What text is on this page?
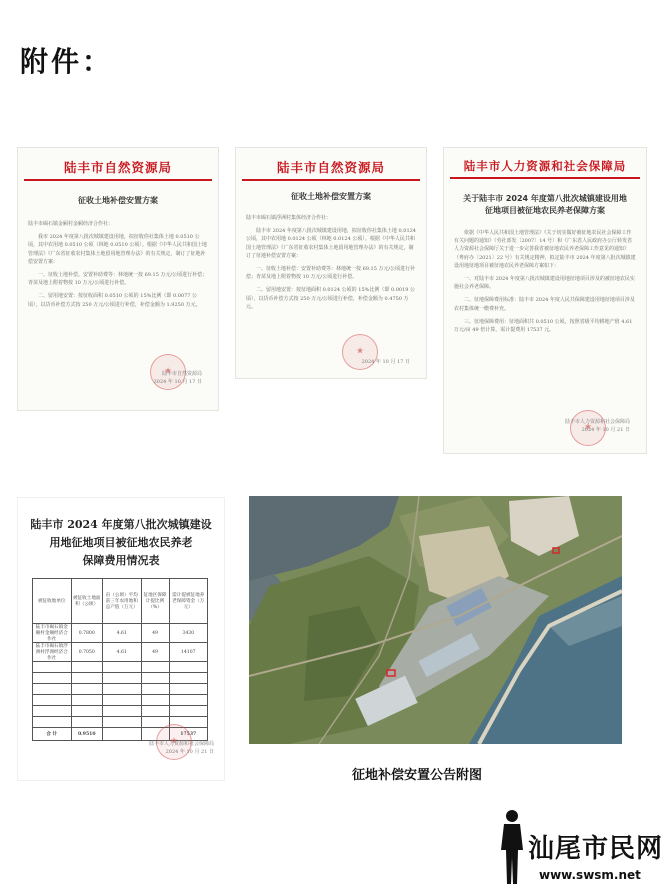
附件：
陆丰市自然资源局
征收土地补偿安置方案
陆丰市碣石镇金厢村金厢经济合作社：
我市 2024 年度第八批次城镇建设用地，拟征收你社集体土地 0.0510 公顷，其中农用地 0.0510 公顷（林地 0.0510 公顷）。根据《中华人民共和国土地管理法》《广东省征收农村集体土地留用地管理办法》的有关规定，制订了征地补偿安置方案：
一、征收土地补偿。安置补助费等：林地统一按 69.15 万元/公顷进行补偿；青苗及地上附着物按 10 万元/公顷进行补偿。
二、留用地安置：按征收面积 0.0510 公顷的 15%比例（即 0.0077 公顷），以货币补偿方式按 250 万元/公顷进行补偿，补偿金额为 1.9250 万元。
★
陆丰市自然资源局
2024 年 10 月 17 日
陆丰市自然资源局
征收土地补偿安置方案
陆丰市碣石镇浮洲村集体经济合作社：
陆丰市 2024 年度第八批次城镇建设用地，拟征收你社集体土地 0.0124 公顷，其中农用地 0.0124 公顷（林地 0.0124 公顷）。根据《中华人民共和国土地管理法》《广东省征收农村集体土地留用地管理办法》的有关规定，制订了征地补偿安置方案：
一、征收土地补偿：安置补助费等：林地统一按 69.15 万元/公顷进行补偿；青苗及地上附着物按 10 万元/公顷进行补偿。
二、留用地安置：按征地面积 0.0124 公顷的 15%比例（即 0.0019 公顷），以货币补偿方式按 250 万元/公顷进行补偿，补偿金额为 0.4750 万元。
★
2024 年 10 月 17 日
陆丰市人力资源和社会保障局
关于陆丰市 2024 年度第八批次城镇建设用地
征地项目被征地农民养老保障方案
依据《中华人民共和国土地管理法》《关于切实做好被征地农民社会保障工作有关问题的通知》（劳社部发〔2007〕14 号）和《广东省人民政府办公厅转发省人力资源社会保障厅关于进一步完善我省被征地农民养老保障工作意见的通知》（粤府办〔2021〕22 号）有关规定精神，拟定陆丰市 2024 年度第八批次城镇建设用地征地项目被征地农民养老保障方案如下：
一、对陆丰市 2024 年度第八批次城镇建设用地征地项目涉及的被征地农民实施社会养老保障。
二、征地保障费用标准：陆丰市 2024 年度人民共保障建设用地征地项目涉及农村集体统一缴费补充。
三、征地保障费用：征地面积共 0.0510 公顷，按照省级平均耕地产值 4.61 万元/亩 49 倍计算，需计提费用 17537 元。
★
陆丰市人力资源和社会保障局
2024 年 10 月 21 日
陆丰市 2024 年度第八批次城镇建设
用地征地项目被征地农民养老
保障费用情况表
被征收地单位	被征收土地面积（公顷）	亩（公顷）平均前三年农用地和总产值（万元）	征地区保障计提比例（%）	需计提被征地养老保障资金（万元）
陆丰市碣石镇金厢村金厢经济合作社	0.7800	4.61	49	3430
陆丰市碣石镇浮洲村浮洲经济合作社	0.7050	4.61	49	14107

合 计	0.9510			17537
★
陆丰市人力资源和社会保障局
2024 年 10 月 21 日
征地补偿安置公告附图
汕尾市民网
www.swsm.net
